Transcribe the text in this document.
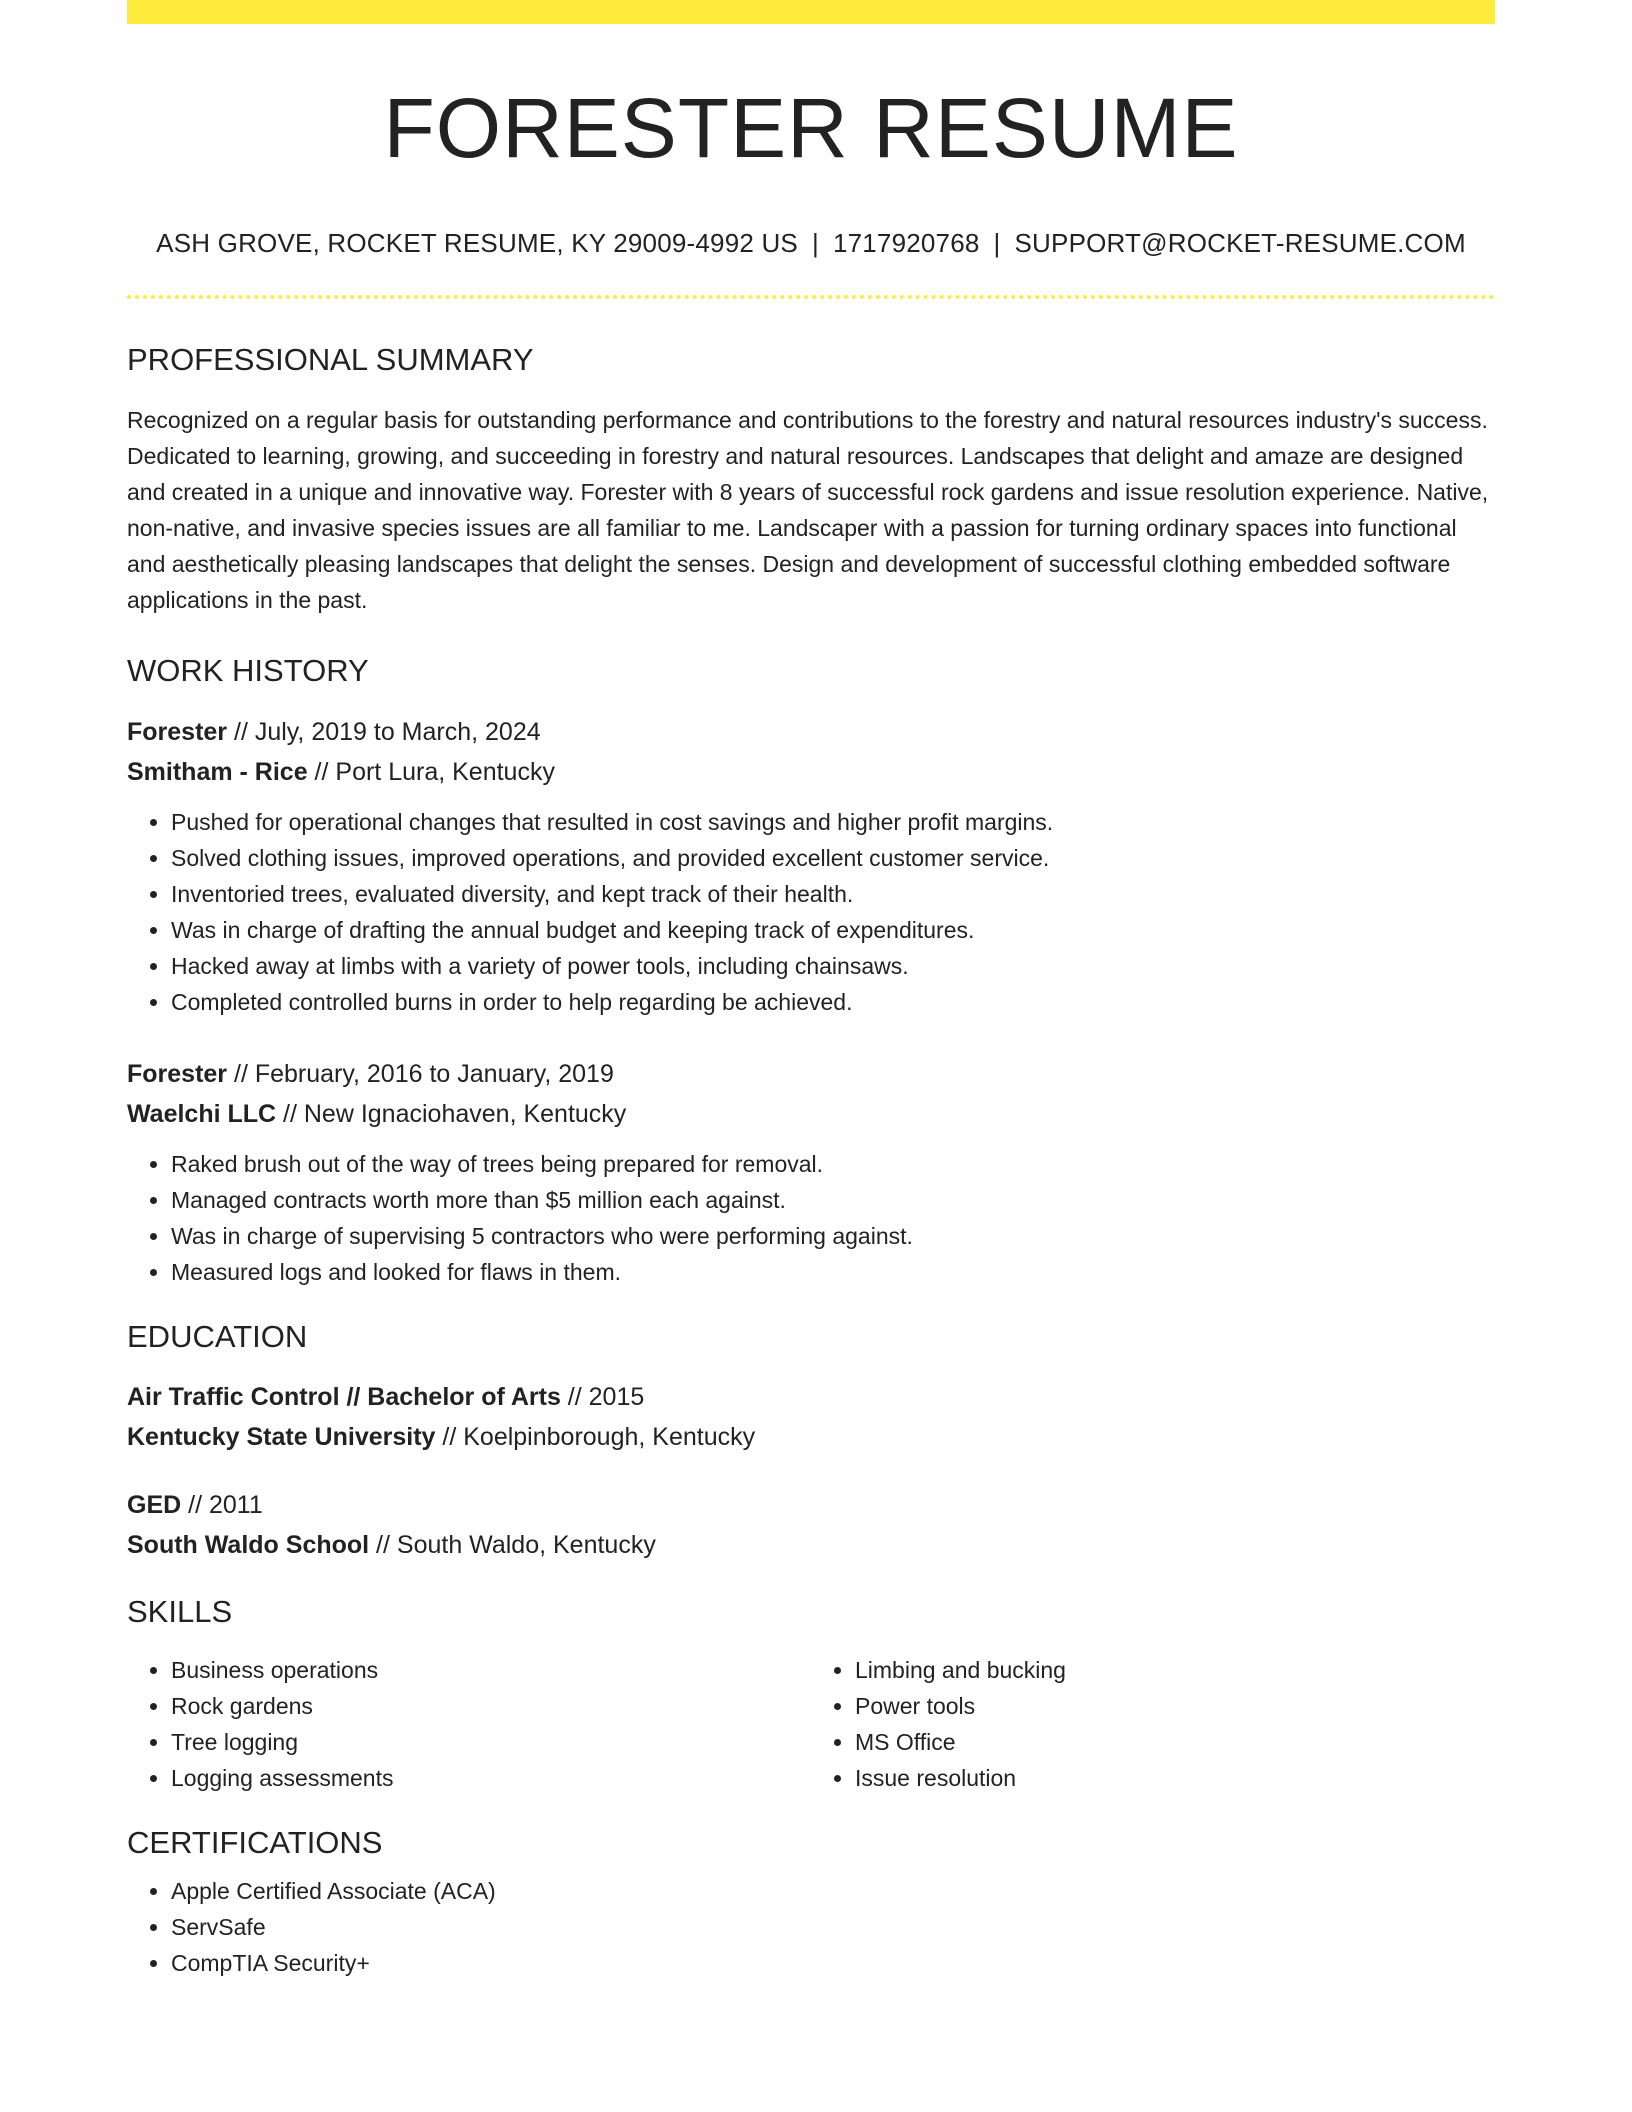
FORESTER RESUME
ASH GROVE, ROCKET RESUME, KY 29009-4992 US | 1717920768 | SUPPORT@ROCKET-RESUME.COM
PROFESSIONAL SUMMARY

Recognized on a regular basis for outstanding performance and contributions to the forestry and natural resources industry's success. Dedicated to learning, growing, and succeeding in forestry and natural resources. Landscapes that delight and amaze are designed and created in a unique and innovative way. Forester with 8 years of successful rock gardens and issue resolution experience. Native, non-native, and invasive species issues are all familiar to me. Landscaper with a passion for turning ordinary spaces into functional and aesthetically pleasing landscapes that delight the senses. Design and development of successful clothing embedded software applications in the past.

WORK HISTORY
Forester // July, 2019 to March, 2024
Smitham - Rice // Port Lura, Kentucky
• Pushed for operational changes that resulted in cost savings and higher profit margins.
• Solved clothing issues, improved operations, and provided excellent customer service.
• Inventoried trees, evaluated diversity, and kept track of their health.
• Was in charge of drafting the annual budget and keeping track of expenditures.
• Hacked away at limbs with a variety of power tools, including chainsaws.
• Completed controlled burns in order to help regarding be achieved.
Forester // February, 2016 to January, 2019
Waelchi LLC // New Ignaciohaven, Kentucky
• Raked brush out of the way of trees being prepared for removal.
• Managed contracts worth more than $5 million each against.
• Was in charge of supervising 5 contractors who were performing against.
• Measured logs and looked for flaws in them.
EDUCATION
Air Traffic Control // Bachelor of Arts // 2015
Kentucky State University // Koelpinborough, Kentucky
GED // 2011
South Waldo School // South Waldo, Kentucky
SKILLS
• Business operations
• Rock gardens
• Tree logging
• Logging assessments
• Limbing and bucking
• Power tools
• MS Office
• Issue resolution
CERTIFICATIONS
• Apple Certified Associate (ACA)
• ServSafe
• CompTIA Security+
